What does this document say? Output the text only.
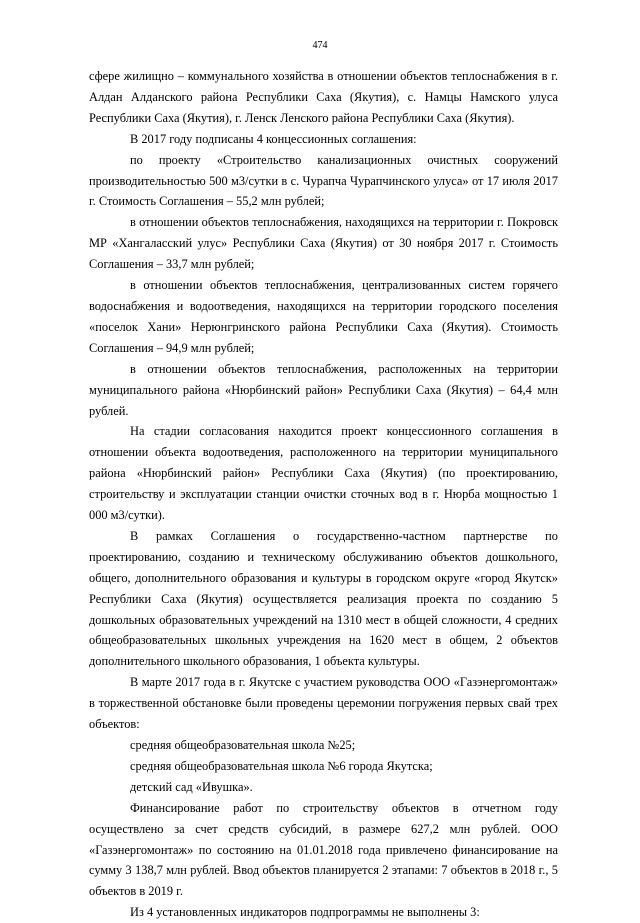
474

сфере жилищно – коммунального хозяйства в отношении объектов теплоснабжения в г. Алдан Алданского района Республики Саха (Якутия), с. Намцы Намского улуса Республики Саха (Якутия), г. Ленск Ленского района Республики Саха (Якутия).

В 2017 году подписаны 4 концессионных соглашения:

по проекту «Строительство канализационных очистных сооружений производительностью 500 м3/сутки в с. Чурапча Чурапчинского улуса» от 17 июля 2017 г. Стоимость Соглашения – 55,2 млн рублей;

в отношении объектов теплоснабжения, находящихся на территории г. Покровск МР «Хангаласский улус» Республики Саха (Якутия) от 30 ноября 2017 г. Стоимость Соглашения – 33,7 млн рублей;

в отношении объектов теплоснабжения, централизованных систем горячего водоснабжения и водоотведения, находящихся на территории городского поселения «поселок Хани» Нерюнгринского района Республики Саха (Якутия). Стоимость Соглашения – 94,9 млн рублей;

в отношении объектов теплоснабжения, расположенных на территории муниципального района «Нюрбинский район» Республики Саха (Якутия) – 64,4 млн рублей.

На стадии согласования находится проект концессионного соглашения в отношении объекта водоотведения, расположенного на территории муниципального района «Нюрбинский район» Республики Саха (Якутия) (по проектированию, строительству и эксплуатации станции очистки сточных вод в г. Нюрба мощностью 1 000 м3/сутки).

В рамках Соглашения о государственно-частном партнерстве по проектированию, созданию и техническому обслуживанию объектов дошкольного, общего, дополнительного образования и культуры в городском округе «город Якутск» Республики Саха (Якутия) осуществляется реализация проекта по созданию 5 дошкольных образовательных учреждений на 1310 мест в общей сложности, 4 средних общеобразовательных школьных учреждения на 1620 мест в общем, 2 объектов дополнительного школьного образования, 1 объекта культуры.

В марте 2017 года в г. Якутске с участием руководства ООО «Газэнергомонтаж» в торжественной обстановке были проведены церемонии погружения первых свай трех объектов:

средняя общеобразовательная школа №25;

средняя общеобразовательная школа №6 города Якутска;

детский сад «Ивушка».

Финансирование работ по строительству объектов в отчетном году осуществлено за счет средств субсидий, в размере 627,2 млн рублей. ООО «Газэнергомонтаж» по состоянию на 01.01.2018 года привлечено финансирование на сумму 3 138,7 млн рублей. Ввод объектов планируется 2 этапами: 7 объектов в 2018 г., 5 объектов в 2019 г.

Из 4 установленных индикаторов подпрограммы не выполнены 3:
